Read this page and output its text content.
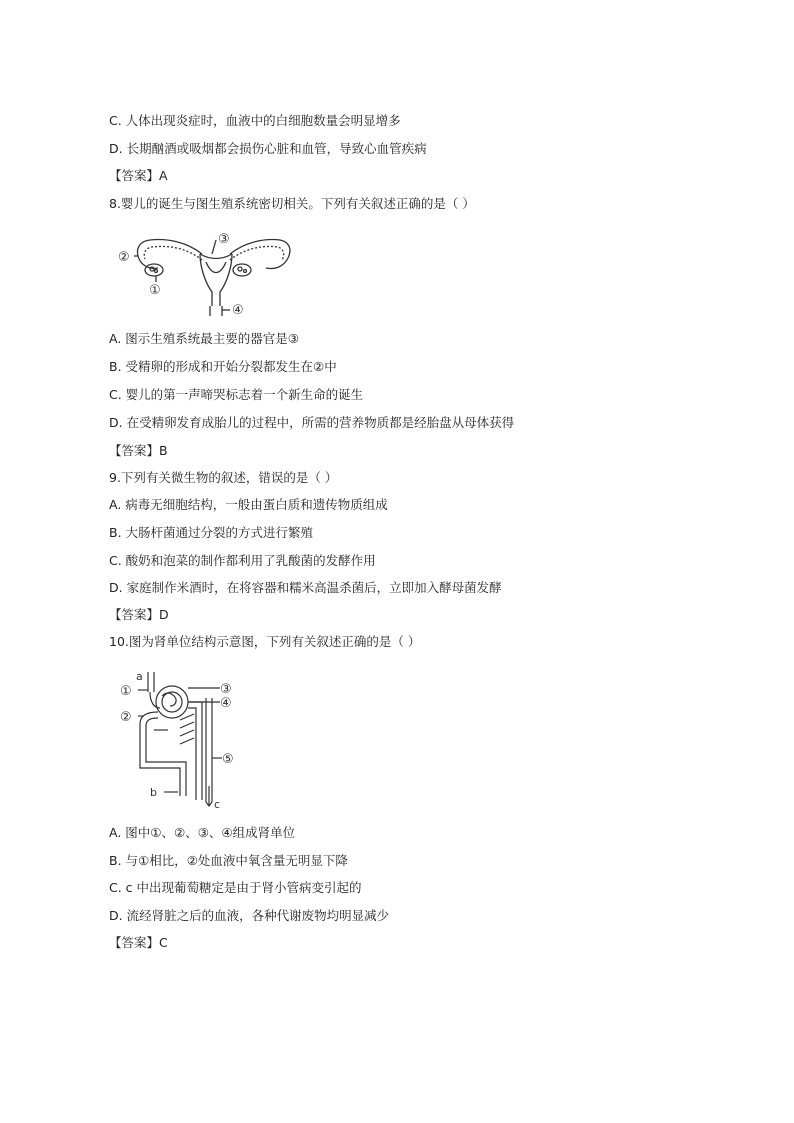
C. 人体出现炎症时，血液中的白细胞数量会明显增多
D. 长期酗酒或吸烟都会损伤心脏和血管，导致心血管疾病
【答案】A
8.婴儿的诞生与图生殖系统密切相关。下列有关叙述正确的是（ ）
②
③
①
④
A. 图示生殖系统最主要的器官是③
B. 受精卵的形成和开始分裂都发生在②中
C. 婴儿的第一声啼哭标志着一个新生命的诞生
D. 在受精卵发育成胎儿的过程中，所需的营养物质都是经胎盘从母体获得
【答案】B
9.下列有关微生物的叙述，错误的是（ ）
A. 病毒无细胞结构，一般由蛋白质和遗传物质组成
B. 大肠杆菌通过分裂的方式进行繁殖
C. 酸奶和泡菜的制作都利用了乳酸菌的发酵作用
D. 家庭制作米酒时，在将容器和糯米高温杀菌后，立即加入酵母菌发酵
【答案】D
10.图为肾单位结构示意图，下列有关叙述正确的是（ ）
①
②
③
④
⑤
a
b
c
A. 图中①、②、③、④组成肾单位
B. 与①相比，②处血液中氧含量无明显下降
C. c 中出现葡萄糖定是由于肾小管病变引起的
D. 流经肾脏之后的血液，各种代谢废物均明显减少
【答案】C
